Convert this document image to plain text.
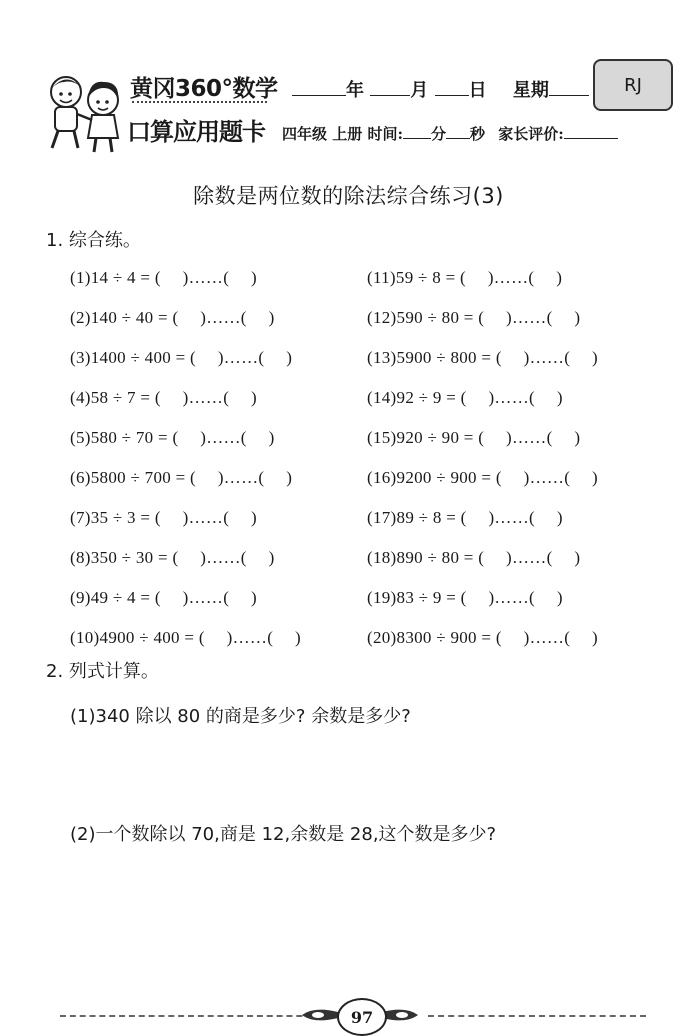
黄冈360°数学
口算应用题卡
年	月 日 星期	RJ
四年级 上册 时间: 分 秒 家长评价:
除数是两位数的除法综合练习(3)
1. 综合练。
(1)14 ÷ 4 = (　 )……(　 )
(2)140 ÷ 40 = (　 )……(　 )
(3)1400 ÷ 400 = (　 )……(　 )
(4)58 ÷ 7 = (　 )……(　 )
(5)580 ÷ 70 = (　 )……(　 )
(6)5800 ÷ 700 = (　 )……(　 )
(7)35 ÷ 3 = (　 )……(　 )
(8)350 ÷ 30 = (　 )……(　 )
(9)49 ÷ 4 = (　 )……(　 )
(10)4900 ÷ 400 = (　 )……(　 )
(11)59 ÷ 8 = (　 )……(　 )
(12)590 ÷ 80 = (　 )……(　 )
(13)5900 ÷ 800 = (　 )……(　 )
(14)92 ÷ 9 = (　 )……(　 )
(15)920 ÷ 90 = (　 )……(　 )
(16)9200 ÷ 900 = (　 )……(　 )
(17)89 ÷ 8 = (　 )……(　 )
(18)890 ÷ 80 = (　 )……(　 )
(19)83 ÷ 9 = (　 )……(　 )
(20)8300 ÷ 900 = (　 )……(　 )
2. 列式计算。
(1)340 除以 80 的商是多少? 余数是多少?
(2)一个数除以 70,商是 12,余数是 28,这个数是多少?
97
